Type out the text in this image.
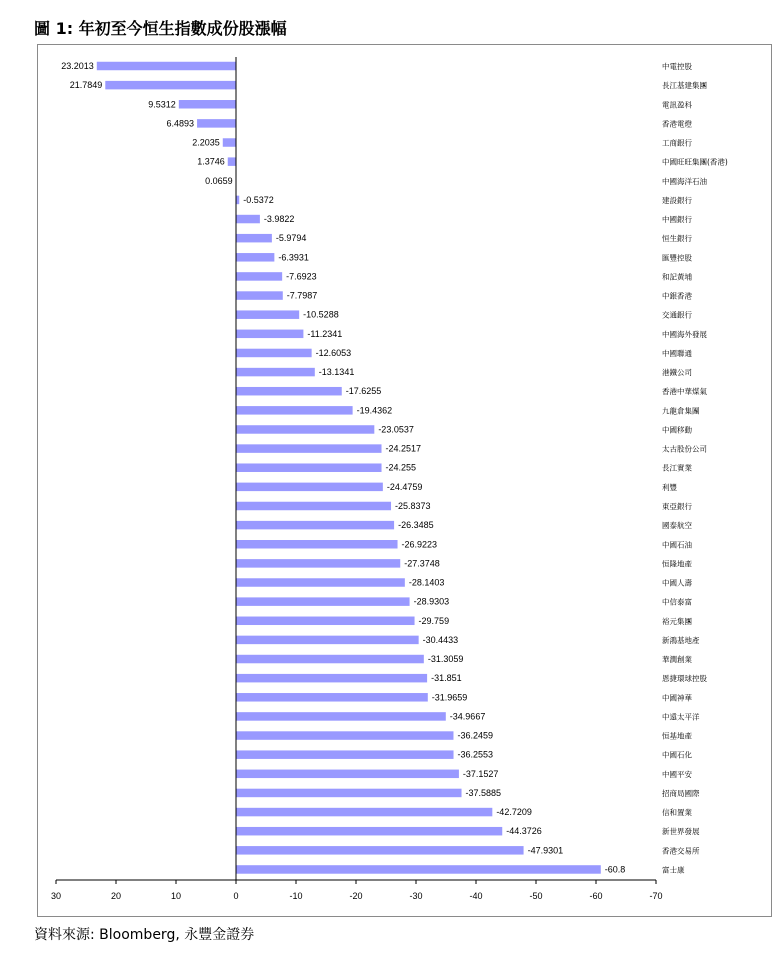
圖 1: 年初至今恒生指數成份股漲幅
23.2013	中電控股
21.7849	長江基建集團
9.5312	電訊盈科
6.4893	香港電燈
2.2035	工商銀行
1.3746	中國旺旺集團(香港)
0.0659	中國海洋石油
-0.5372	建設銀行
-3.9822	中國銀行
-5.9794	恒生銀行
-6.3931	匯豐控股
-7.6923	和記黃埔
-7.7987	中銀香港
-10.5288	交通銀行
-11.2341	中國海外發展
-12.6053	中國聯通
-13.1341	港鐵公司
-17.6255	香港中華煤氣
-19.4362	九龍倉集團
-23.0537	中國移動
-24.2517	太古股份公司
-24.255	長江實業
-24.4759	利豐
-25.8373	東亞銀行
-26.3485	國泰航空
-26.9223	中國石油
-27.3748	恒隆地產
-28.1403	中國人壽
-28.9303	中信泰富
-29.759	裕元集團
-30.4433	新鴻基地產
-31.3059	華潤創業
-31.851	恩捷環球控股
-31.9659	中國神華
-34.9667	中遠太平洋
-36.2459	恒基地產
-36.2553	中國石化
-37.1527	中國平安
-37.5885	招商局國際
-42.7209	信和置業
-44.3726	新世界發展
-47.9301	香港交易所
-60.8	富士康
30	20	10	0	-10	-20	-30	-40	-50	-60	-70
資料來源: Bloomberg, 永豐金證券
